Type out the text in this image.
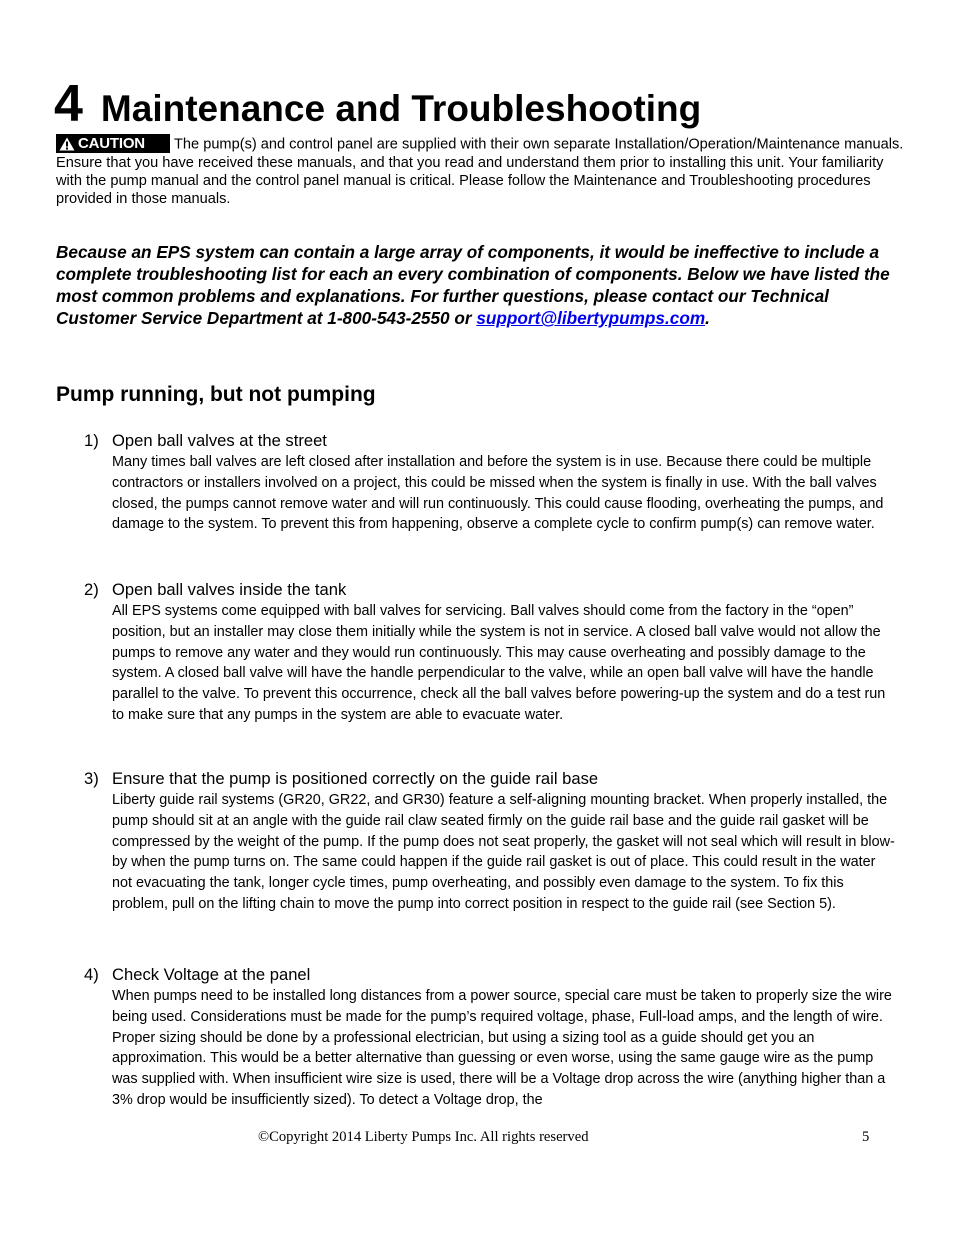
4 Maintenance and Troubleshooting
CAUTION The pump(s) and control panel are supplied with their own separate Installation/Operation/Maintenance manuals. Ensure that you have received these manuals, and that you read and understand them prior to installing this unit. Your familiarity with the pump manual and the control panel manual is critical. Please follow the Maintenance and Troubleshooting procedures provided in those manuals.
Because an EPS system can contain a large array of components, it would be ineffective to include a complete troubleshooting list for each an every combination of components. Below we have listed the most common problems and explanations. For further questions, please contact our Technical Customer Service Department at 1-800-543-2550 or support@libertypumps.com.
Pump running, but not pumping
1) Open ball valves at the street
Many times ball valves are left closed after installation and before the system is in use. Because there could be multiple contractors or installers involved on a project, this could be missed when the system is finally in use. With the ball valves closed, the pumps cannot remove water and will run continuously. This could cause flooding, overheating the pumps, and damage to the system. To prevent this from happening, observe a complete cycle to confirm pump(s) can remove water.
2) Open ball valves inside the tank
All EPS systems come equipped with ball valves for servicing. Ball valves should come from the factory in the “open” position, but an installer may close them initially while the system is not in service. A closed ball valve would not allow the pumps to remove any water and they would run continuously. This may cause overheating and possibly damage to the system. A closed ball valve will have the handle perpendicular to the valve, while an open ball valve will have the handle parallel to the valve. To prevent this occurrence, check all the ball valves before powering-up the system and do a test run to make sure that any pumps in the system are able to evacuate water.
3) Ensure that the pump is positioned correctly on the guide rail base
Liberty guide rail systems (GR20, GR22, and GR30) feature a self-aligning mounting bracket. When properly installed, the pump should sit at an angle with the guide rail claw seated firmly on the guide rail base and the guide rail gasket will be compressed by the weight of the pump. If the pump does not seat properly, the gasket will not seal which will result in blow-by when the pump turns on. The same could happen if the guide rail gasket is out of place. This could result in the water not evacuating the tank, longer cycle times, pump overheating, and possibly even damage to the system. To fix this problem, pull on the lifting chain to move the pump into correct position in respect to the guide rail (see Section 5).
4) Check Voltage at the panel
When pumps need to be installed long distances from a power source, special care must be taken to properly size the wire being used. Considerations must be made for the pump’s required voltage, phase, Full-load amps, and the length of wire. Proper sizing should be done by a professional electrician, but using a sizing tool as a guide should get you an approximation. This would be a better alternative than guessing or even worse, using the same gauge wire as the pump was supplied with. When insufficient wire size is used, there will be a Voltage drop across the wire (anything higher than a 3% drop would be insufficiently sized). To detect a Voltage drop, the
©Copyright 2014 Liberty Pumps Inc. All rights reserved	5
